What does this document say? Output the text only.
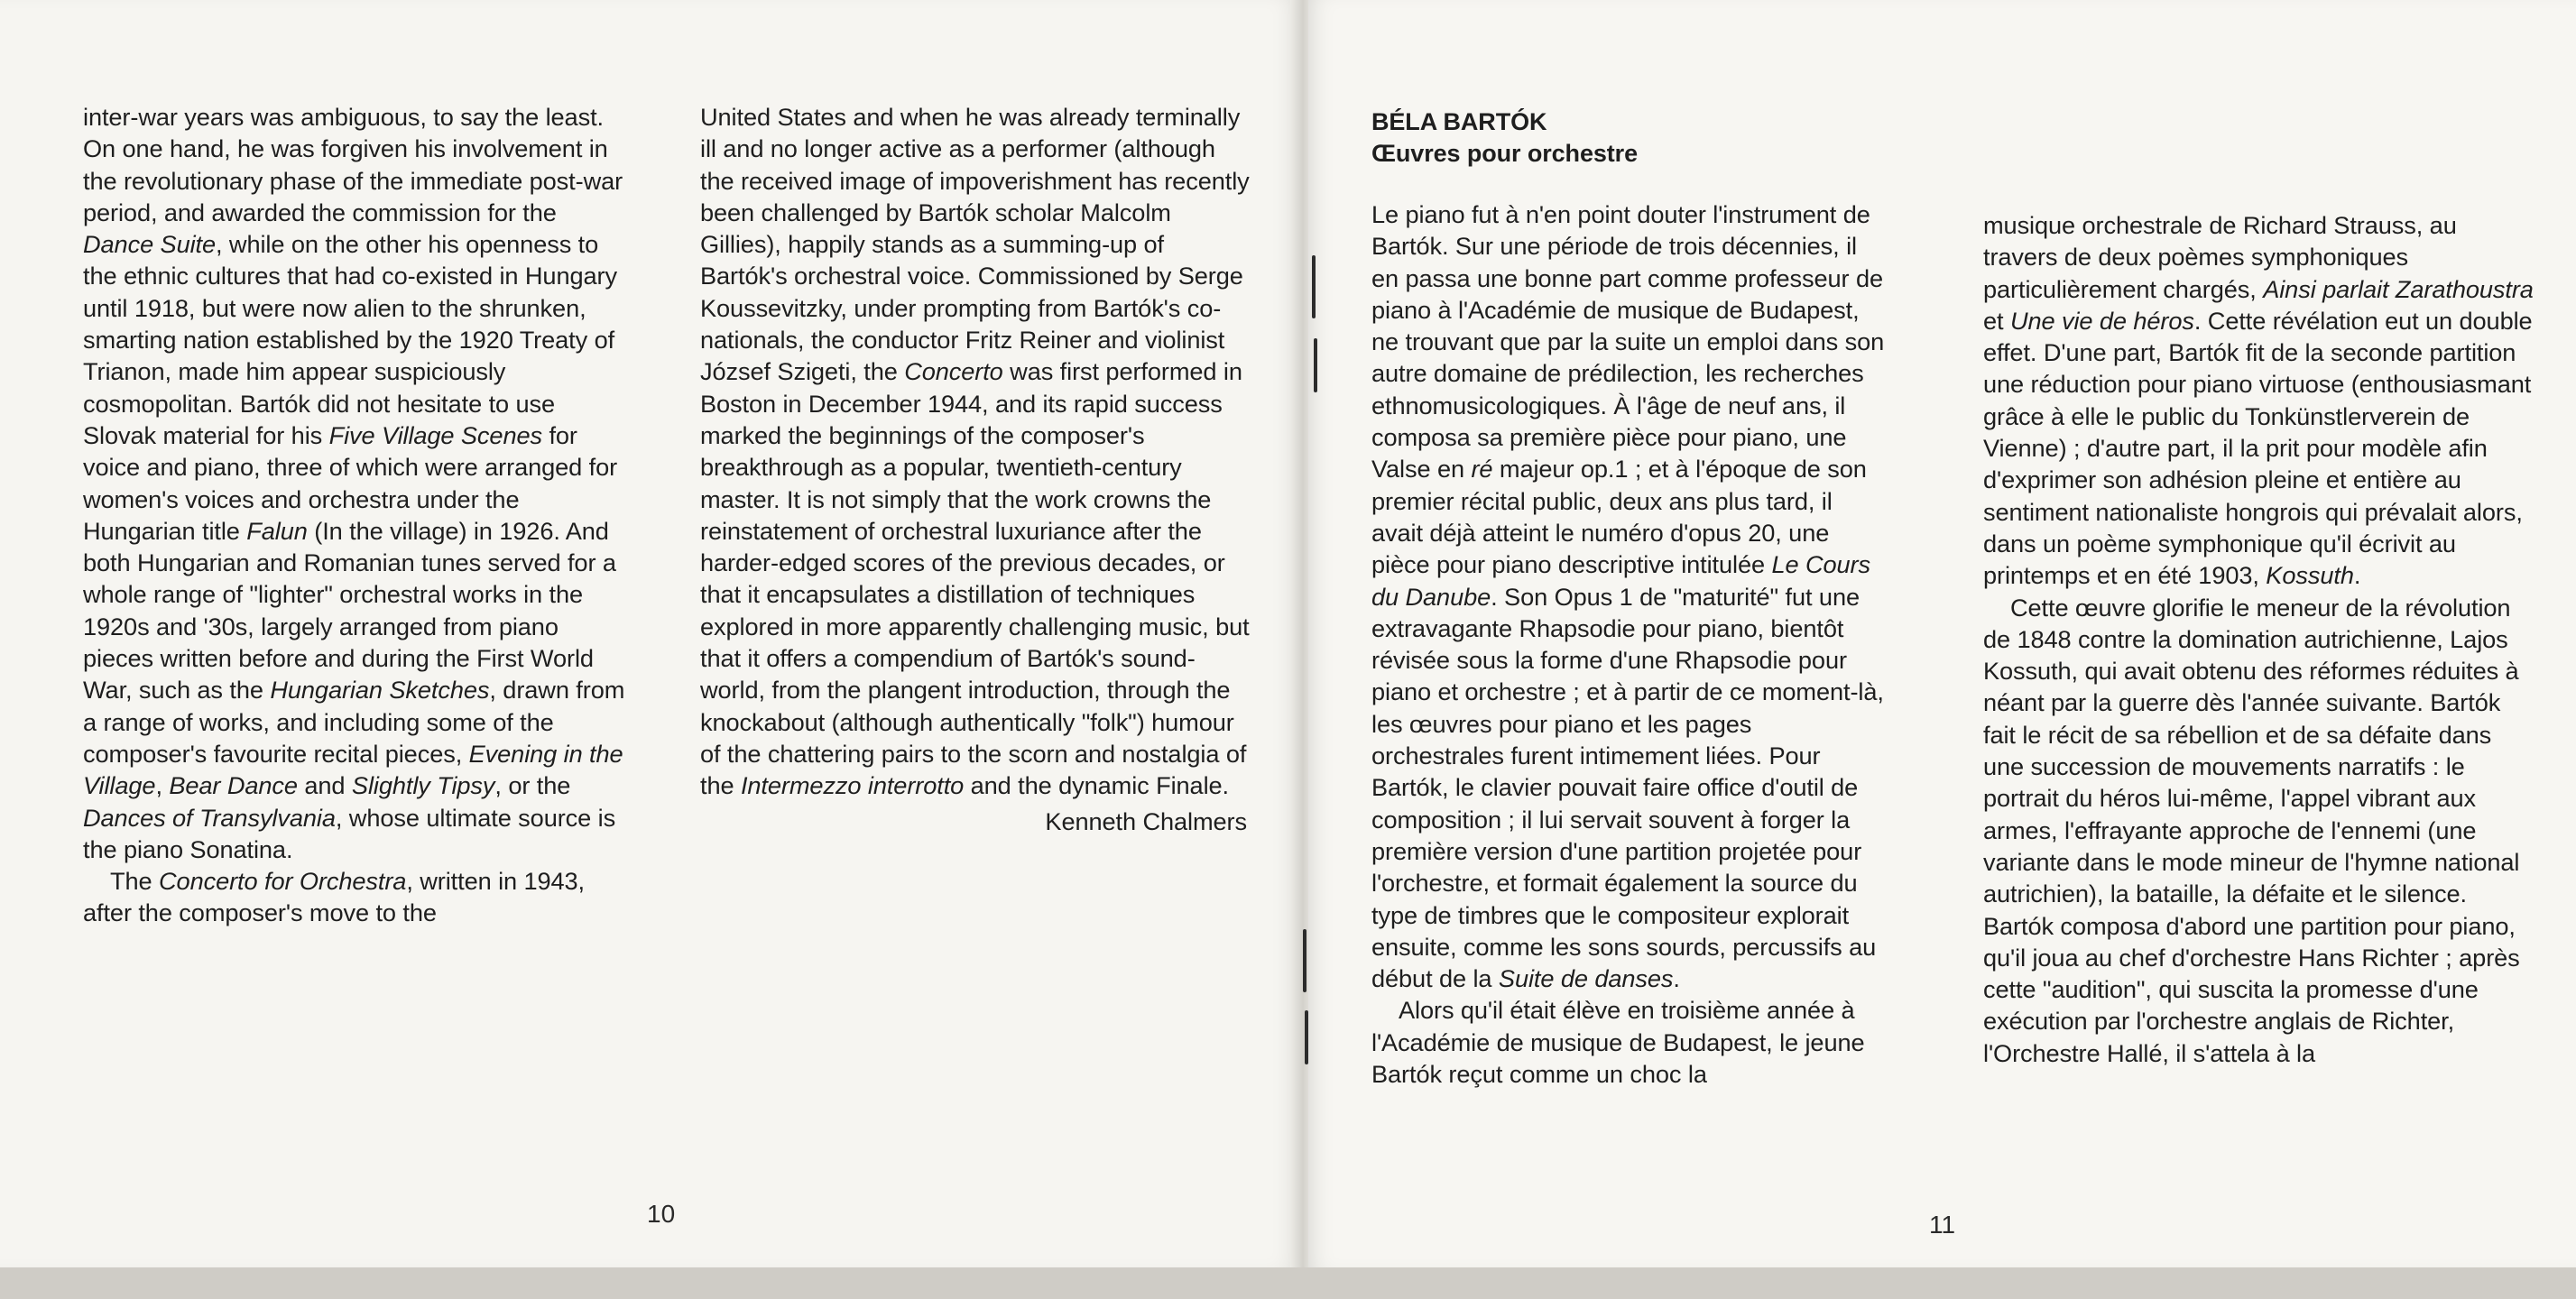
inter-war years was ambiguous, to say the least. On one hand, he was forgiven his involvement in the revolutionary phase of the immediate post-war period, and awarded the commission for the Dance Suite, while on the other his openness to the ethnic cultures that had co-existed in Hungary until 1918, but were now alien to the shrunken, smarting nation established by the 1920 Treaty of Trianon, made him appear suspiciously cosmopolitan. Bartók did not hesitate to use Slovak material for his Five Village Scenes for voice and piano, three of which were arranged for women's voices and orchestra under the Hungarian title Falun (In the village) in 1926. And both Hungarian and Romanian tunes served for a whole range of "lighter" orchestral works in the 1920s and '30s, largely arranged from piano pieces written before and during the First World War, such as the Hungarian Sketches, drawn from a range of works, and including some of the composer's favourite recital pieces, Evening in the Village, Bear Dance and Slightly Tipsy, or the Dances of Transylvania, whose ultimate source is the piano Sonatina.

The Concerto for Orchestra, written in 1943, after the composer's move to the

United States and when he was already terminally ill and no longer active as a performer (although the received image of impoverishment has recently been challenged by Bartók scholar Malcolm Gillies), happily stands as a summing-up of Bartók's orchestral voice. Commissioned by Serge Koussevitzky, under prompting from Bartók's co-nationals, the conductor Fritz Reiner and violinist József Szigeti, the Concerto was first performed in Boston in December 1944, and its rapid success marked the beginnings of the composer's breakthrough as a popular, twentieth-century master. It is not simply that the work crowns the reinstatement of orchestral luxuriance after the harder-edged scores of the previous decades, or that it encapsulates a distillation of techniques explored in more apparently challenging music, but that it offers a compendium of Bartók's sound-world, from the plangent introduction, through the knockabout (although authentically "folk") humour of the chattering pairs to the scorn and nostalgia of the Intermezzo interrotto and the dynamic Finale.

Kenneth Chalmers

10	11

BÉLA BARTÓK

Œuvres pour orchestre

Le piano fut à n'en point douter l'instrument de Bartók. Sur une période de trois décennies, il en passa une bonne part comme professeur de piano à l'Académie de musique de Budapest, ne trouvant que par la suite un emploi dans son autre domaine de prédilection, les recherches ethnomusicologiques. À l'âge de neuf ans, il composa sa première pièce pour piano, une Valse en ré majeur op.1 ; et à l'époque de son premier récital public, deux ans plus tard, il avait déjà atteint le numéro d'opus 20, une pièce pour piano descriptive intitulée Le Cours du Danube. Son Opus 1 de "maturité" fut une extravagante Rhapsodie pour piano, bientôt révisée sous la forme d'une Rhapsodie pour piano et orchestre ; et à partir de ce moment-là, les œuvres pour piano et les pages orchestrales furent intimement liées. Pour Bartók, le clavier pouvait faire office d'outil de composition ; il lui servait souvent à forger la première version d'une partition projetée pour l'orchestre, et formait également la source du type de timbres que le compositeur explorait ensuite, comme les sons sourds, percussifs au début de la Suite de danses.

Alors qu'il était élève en troisième année à l'Académie de musique de Budapest, le jeune Bartók reçut comme un choc la

musique orchestrale de Richard Strauss, au travers de deux poèmes symphoniques particulièrement chargés, Ainsi parlait Zarathoustra et Une vie de héros. Cette révélation eut un double effet. D'une part, Bartók fit de la seconde partition une réduction pour piano virtuose (enthousiasmant grâce à elle le public du Tonkünstlerverein de Vienne) ; d'autre part, il la prit pour modèle afin d'exprimer son adhésion pleine et entière au sentiment nationaliste hongrois qui prévalait alors, dans un poème symphonique qu'il écrivit au printemps et en été 1903, Kossuth.

Cette œuvre glorifie le meneur de la révolution de 1848 contre la domination autrichienne, Lajos Kossuth, qui avait obtenu des réformes réduites à néant par la guerre dès l'année suivante. Bartók fait le récit de sa rébellion et de sa défaite dans une succession de mouvements narratifs : le portrait du héros lui-même, l'appel vibrant aux armes, l'effrayante approche de l'ennemi (une variante dans le mode mineur de l'hymne national autrichien), la bataille, la défaite et le silence. Bartók composa d'abord une partition pour piano, qu'il joua au chef d'orchestre Hans Richter ; après cette "audition", qui suscita la promesse d'une exécution par l'orchestre anglais de Richter, l'Orchestre Hallé, il s'attela à la
